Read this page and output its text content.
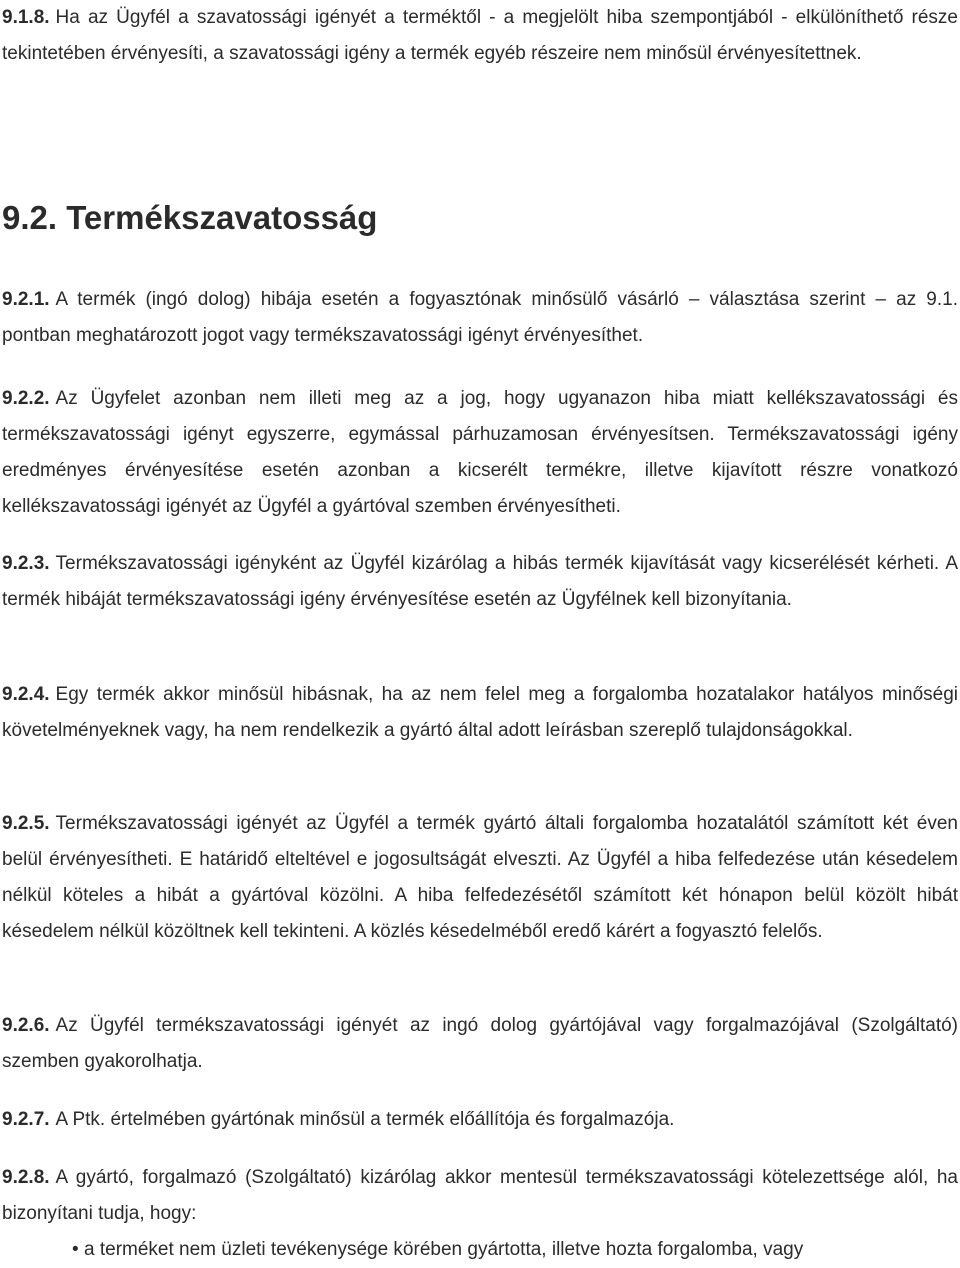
9.1.8. Ha az Ügyfél a szavatossági igényét a terméktől - a megjelölt hiba szempontjából - elkülöníthető része tekintetében érvényesíti, a szavatossági igény a termék egyéb részeire nem minősül érvényesítettnek.

9.2. Termékszavatosság

9.2.1. A termék (ingó dolog) hibája esetén a fogyasztónak minősülő vásárló – választása szerint – az 9.1. pontban meghatározott jogot vagy termékszavatossági igényt érvényesíthet.

9.2.2. Az Ügyfelet azonban nem illeti meg az a jog, hogy ugyanazon hiba miatt kellékszavatossági és termékszavatossági igényt egyszerre, egymással párhuzamosan érvényesítsen. Termékszavatossági igény eredményes érvényesítése esetén azonban a kicserélt termékre, illetve kijavított részre vonatkozó kellékszavatossági igényét az Ügyfél a gyártóval szemben érvényesítheti.

9.2.3. Termékszavatossági igényként az Ügyfél kizárólag a hibás termék kijavítását vagy kicserélését kérheti. A termék hibáját termékszavatossági igény érvényesítése esetén az Ügyfélnek kell bizonyítania.

9.2.4. Egy termék akkor minősül hibásnak, ha az nem felel meg a forgalomba hozatalakor hatályos minőségi követelményeknek vagy, ha nem rendelkezik a gyártó által adott leírásban szereplő tulajdonságokkal.

9.2.5. Termékszavatossági igényét az Ügyfél a termék gyártó általi forgalomba hozatalától számított két éven belül érvényesítheti. E határidő elteltével e jogosultságát elveszti. Az Ügyfél a hiba felfedezése után késedelem nélkül köteles a hibát a gyártóval közölni. A hiba felfedezésétől számított két hónapon belül közölt hibát késedelem nélkül közöltnek kell tekinteni. A közlés késedelméből eredő kárért a fogyasztó felelős.

9.2.6. Az Ügyfél termékszavatossági igényét az ingó dolog gyártójával vagy forgalmazójával (Szolgáltató) szemben gyakorolhatja.

9.2.7. A Ptk. értelmében gyártónak minősül a termék előállítója és forgalmazója.

9.2.8. A gyártó, forgalmazó (Szolgáltató) kizárólag akkor mentesül termékszavatossági kötelezettsége alól, ha bizonyítani tudja, hogy:

• a terméket nem üzleti tevékenysége körében gyártotta, illetve hozta forgalomba, vagy
